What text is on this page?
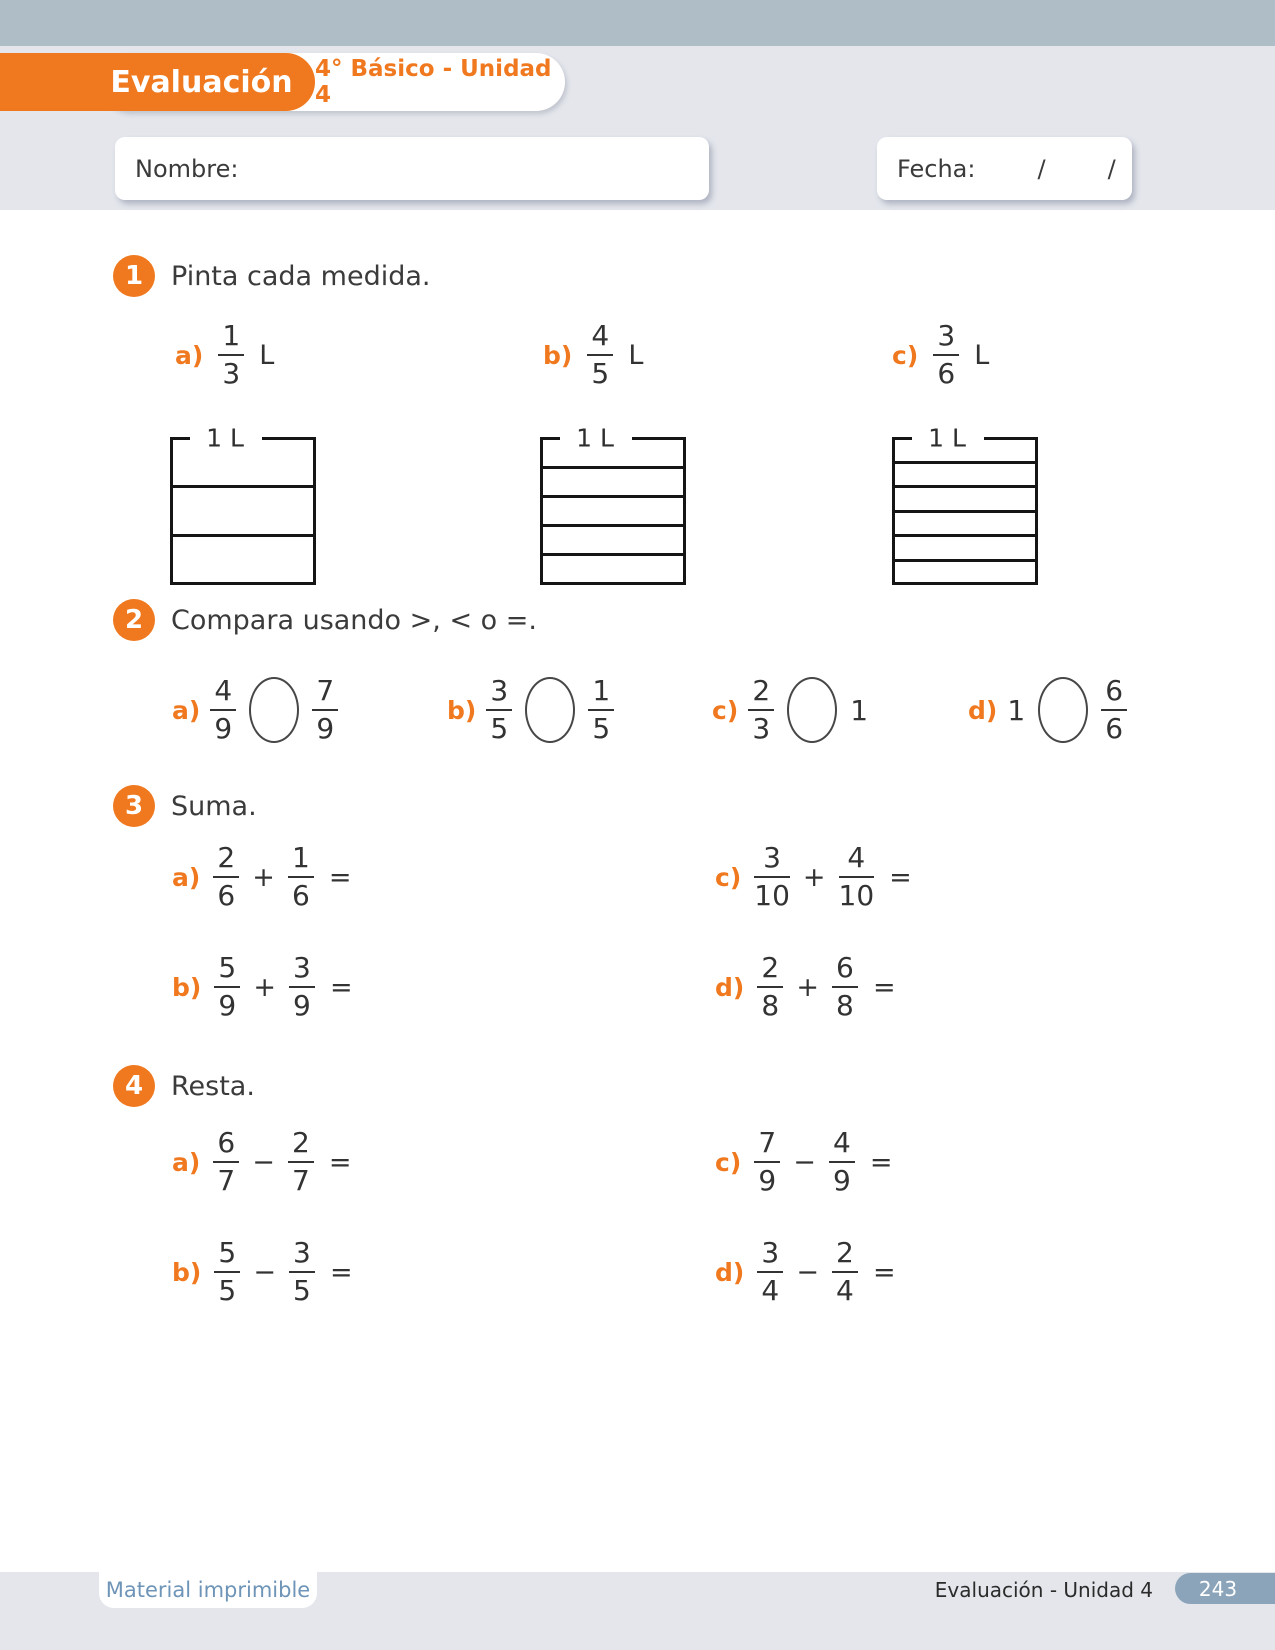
Evaluación 4° Básico - Unidad 4
Nombre:	Fecha:	/	/
1	Pinta cada medida.
$a) \frac{1}{3}$ L	$b) \frac{4}{5}$ L	$c) \frac{3}{6}$ L
1 L	1 L	1 L
2	Compara usando >, < o =.
$a) \frac{4}{9}$	$\frac{7}{9}$	$b) \frac{3}{5}$	$\frac{1}{5}$	$c) \frac{2}{3}$	1	d) 1	$\frac{6}{6}$
3	Suma.
$a) \frac{2}{6} + \frac{1}{6}$ =	$c) \frac{3}{10} + \frac{4}{10}$ =
$b) \frac{5}{9} + \frac{3}{9}$ =	$d) \frac{2}{8} + \frac{6}{8}$ =
4	Resta.
$a) \frac{6}{7} - \frac{2}{7}$ =	$c) \frac{7}{9} - \frac{4}{9}$ =
$b) \frac{5}{5} - \frac{3}{5}$ =	$d) \frac{3}{4} - \frac{2}{4}$ =
Material imprimible	Evaluación - Unidad 4	243
